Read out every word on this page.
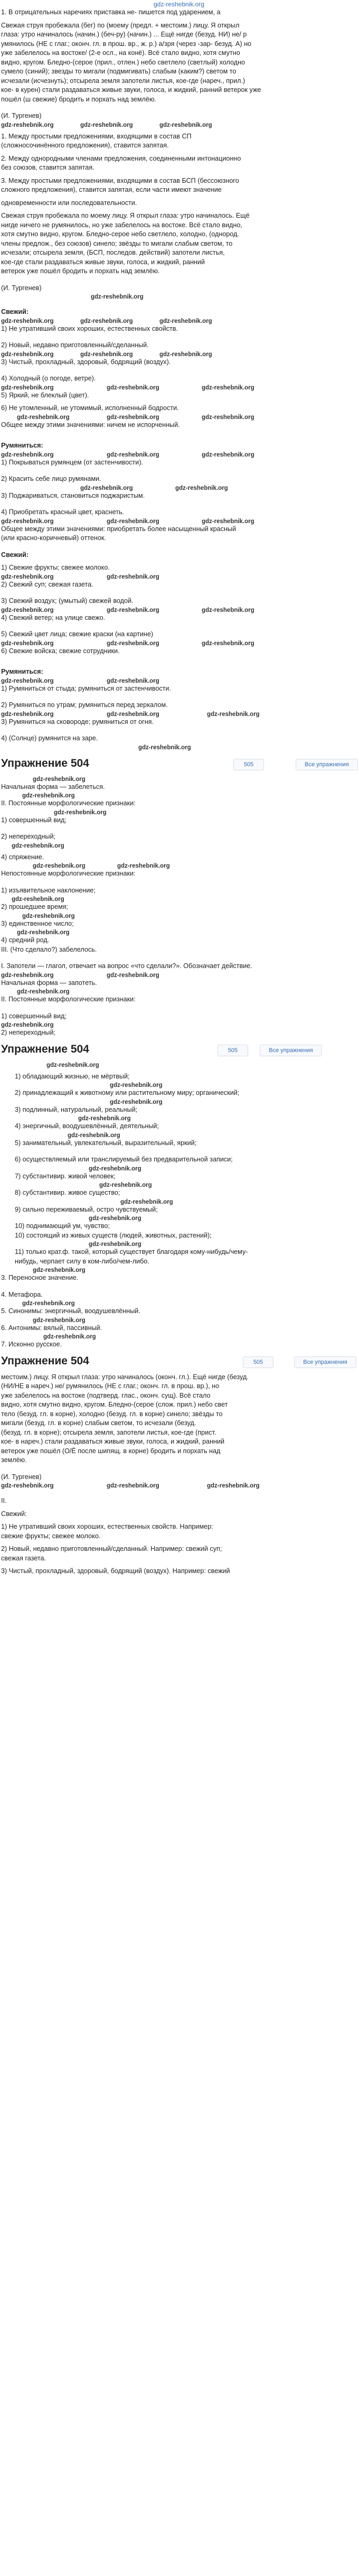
gdz-reshebnik.org
1. В отрицательных наречиях приставка не- пишется под ударением, а
Свежая струя пробежала (бег) по (моему (предл. + местоим.) лицу. Я открыл
глаза: утро начиналось (начин.) (беч-ру) (начин.) ... Ещё нигде (безуд. НИ) не/ р
умянилось (НЕ с глаг.; оконч. гл. в прош. вр., ж. р.) а/зря (через -зар- безуд. А) но
уже забелелось на востоке/ (2-е осл., на конё). Всё стало видно, хотя смутно
видно, кругом. Бледно-(серое (прил., отлен.) небо светлело (светлый) холодно
сумело (синий); звезды то мигали (подмигивать) слабым (каким?) светом то
исчезали (исчезнуть); отсырела земля запотели листья, кое-где (нареч., прил.)
кое- в курен) стали раздаваться живые звуки, голоса, и жидкий, ранний ветерок уже
пошёл (ш свежие) бродить и порхать над землёю.
(И. Тургенев)
gdz-reshebnik.org	gdz-reshebnik.org	gdz-reshebnik.org
1. Между простыми предложениями, входящими в состав СП
(сложносочинённого предложения), ставится запятая.
2. Между однородными членами предложения, соединенными интонационно
без союзов, ставится запятая.
3. Между простыми предложениями, входящими в состав БСП (бессоюзного
сложного предложения), ставится запятая, если части имеют значение
одновременности или последовательности.
Свежая струя пробежала по моему лицу. Я открыл глаза: утро начиналось. Ещё
нигде ничего не румянилось, но уже забелелось на востоке. Всё стало видно,
хотя смутно видно, кругом. Бледно-серое небо светлело, холодно, (однород.
члены предлож., без союзов) синело; звёзды то мигали слабым светом, то
исчезали; отсырела земля, (БСП, последов. действий) запотели листья,
кое-где стали раздаваться живые звуки, голоса, и жидкий, ранний
ветерок уже пошёл бродить и порхать над землёю.
(И. Тургенев)
gdz-reshebnik.org
Свежий:
gdz-reshebnik.org	gdz-reshebnik.org	gdz-reshebnik.org
1) Не утративший своих хороших, естественных свойств.
2) Новый, недавно приготовленный/сделанный.
gdz-reshebnik.org	gdz-reshebnik.org	gdz-reshebnik.org
3) Чистый, прохладный, здоровый, бодрящий (воздух).
4) Холодный (о погоде, ветре).
gdz-reshebnik.org	gdz-reshebnik.org	gdz-reshebnik.org
5) Яркий, не блеклый (цвет).
6) Не утомленный, не утомимый, исполненный бодрости.
gdz-reshebnik.org	gdz-reshebnik.org	gdz-reshebnik.org
Общее между этими значениями: ничем не испорченный.
Румяниться:
gdz-reshebnik.org	gdz-reshebnik.org	gdz-reshebnik.org
1) Покрываться румянцем (от застенчивости).
2) Красить себе лицо румянами.
gdz-reshebnik.org	gdz-reshebnik.org
3) Поджариваться, становиться поджаристым.
4) Приобретать красный цвет, краснеть.
gdz-reshebnik.org	gdz-reshebnik.org	gdz-reshebnik.org
Общее между этими значениями: приобретать более насыщенный красный
(или красно-коричневый) оттенок.
Свежий:
1) Свежие фрукты; свежее молоко.
gdz-reshebnik.org	gdz-reshebnik.org
2) Свежий суп; свежая газета.
3) Свежий воздух; (умытый) свежей водой.
gdz-reshebnik.org	gdz-reshebnik.org	gdz-reshebnik.org
4) Свежий ветер; на улице свежо.
5) Свежий цвет лица; свежие краски (на картине)
gdz-reshebnik.org	gdz-reshebnik.org	gdz-reshebnik.org
6) Свежие войска; свежие сотрудники.
Румяниться:
gdz-reshebnik.org	gdz-reshebnik.org
1) Румяниться от стыда; румяниться от застенчивости.
2) Румяниться по утрам; румяниться перед зеркалом.
gdz-reshebnik.org	gdz-reshebnik.org	gdz-reshebnik.org
3) Румяниться на сковороде; румяниться от огня.
4) (Солнце) румянится на заре.
gdz-reshebnik.org
Упражнение 504	505	Все упражнения
gdz-reshebnik.org
Начальная форма — забелеться.
gdz-reshebnik.org
II. Постоянные морфологические признаки:
gdz-reshebnik.org
1) совершенный вид;
2) непереходный;
gdz-reshebnik.org
4) спряжение.
gdz-reshebnik.org	gdz-reshebnik.org
Непостоянные морфологические признаки:
1) изъявительное наклонение;
gdz-reshebnik.org
2) прошедшее время;
gdz-reshebnik.org
3) единственное число;
gdz-reshebnik.org
4) средний род.
III. (Что сделало?) забелелось.
I. Запотели — глагол, отвечает на вопрос «что сделали?». Обозначает действие.
gdz-reshebnik.org	gdz-reshebnik.org
Начальная форма — запотеть.
gdz-reshebnik.org
II. Постоянные морфологические признаки:
1) совершенный вид;
gdz-reshebnik.org
2) непереходный;
Упражнение 504	505	Все упражнения
gdz-reshebnik.org
1) обладающий жизнью, не мёртвый;
gdz-reshebnik.org
2) принадлежащий к животному или растительному миру; органический;
gdz-reshebnik.org
3) подлинный, натуральный, реальный;
gdz-reshebnik.org
4) энергичный, воодушевлённый, деятельный;
gdz-reshebnik.org
5) занимательный, увлекательный, выразительный, яркий;
6) осуществляемый или транслируемый без предварительной записи;
gdz-reshebnik.org
7) субстантивир. живой человек;
gdz-reshebnik.org
8) субстантивир. живое существо;
gdz-reshebnik.org
9) сильно переживаемый, остро чувствуемый;
gdz-reshebnik.org
10) поднимающий ум, чувство;
10) состоящий из живых существ (людей, животных, растений);
gdz-reshebnik.org
11) только крат.ф. такой, который существует благодаря кому-нибудь/чему-
нибудь, черпает силу в ком-либо/чем-либо.
gdz-reshebnik.org
3. Переносное значение.
4. Метафора.
gdz-reshebnik.org
5. Синонимы: энергичный, воодушевлённый.
gdz-reshebnik.org
6. Антонимы: вялый, пассивный.
gdz-reshebnik.org
7. Исконно русское.
Упражнение 504	505	Все упражнения
местоим.) лицу. Я открыл глаза: утро начиналось (оконч. гл.). Ещё нигде (безуд.
(НИ/НЕ в нареч.) не/ румянилось (НЕ с глаг.; оконч. гл. в прош. вр.), но
уже забелелось на востоке (подтверд. глас., оконч. сущ). Всё стало
видно, хотя смутно видно, кругом. Бледно-(серое (слож. прил.) небо свет
тело (безуд. гл. в корне), холодно (безуд. гл. в корне) синело; звёзды то
мигали (безуд. гл. в корне) слабым светом, то исчезали (безуд.
(безуд. гл. в корне); отсырела земля, запотели листья, кое-где (прист.
кое- в нареч.) стали раздаваться живые звуки, голоса, и жидкий, ранний
ветерок уже пошёл (О/Ё после шипящ. в корне) бродить и порхать над
землёю.
(И. Тургенев)
gdz-reshebnik.org	gdz-reshebnik.org	gdz-reshebnik.org
II.
Свежий:
1) Не утративший своих хороших, естественных свойств. Например:
свежие фрукты; свежее молоко.
2) Новый, недавно приготовленный/сделанный. Например: свежий суп;
свежая газета.
3) Чистый, прохладный, здоровый, бодрящий (воздух). Например: свежий
